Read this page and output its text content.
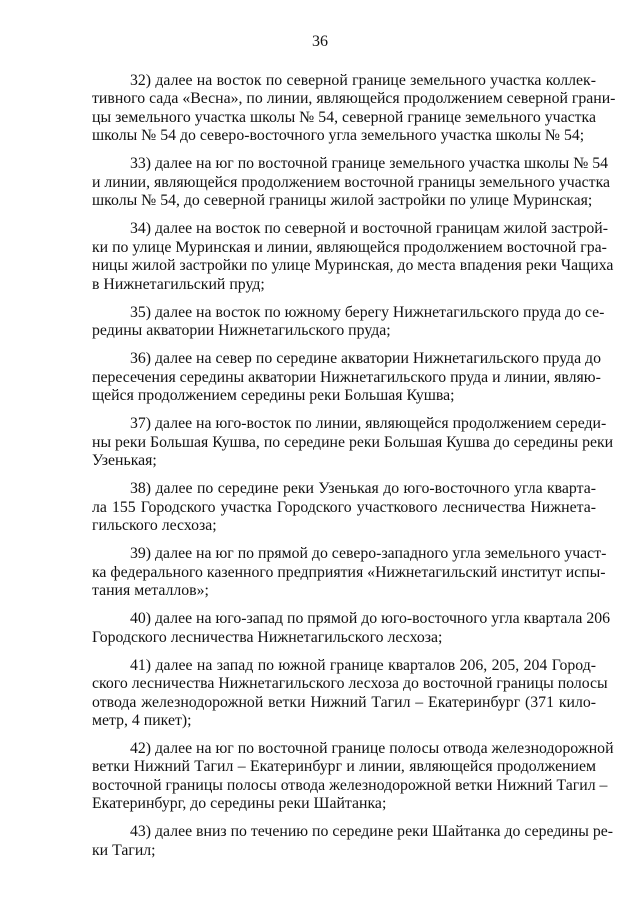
36
32) далее на восток по северной границе земельного участка коллек-
тивного сада «Весна», по линии, являющейся продолжением северной грани-
цы земельного участка школы № 54, северной границе земельного участка
школы № 54 до северо-восточного угла земельного участка школы № 54;
33) далее на юг по восточной границе земельного участка школы № 54
и линии, являющейся продолжением восточной границы земельного участка
школы № 54, до северной границы жилой застройки по улице Муринская;
34) далее на восток по северной и восточной границам жилой застрой-
ки по улице Муринская и линии, являющейся продолжением восточной гра-
ницы жилой застройки по улице Муринская, до места впадения реки Чащиха
в Нижнетагильский пруд;
35) далее на восток по южному берегу Нижнетагильского пруда до се-
редины акватории Нижнетагильского пруда;
36) далее на север по середине акватории Нижнетагильского пруда до
пересечения середины акватории Нижнетагильского пруда и линии, являю-
щейся продолжением середины реки Большая Кушва;
37) далее на юго-восток по линии, являющейся продолжением середи-
ны реки Большая Кушва, по середине реки Большая Кушва до середины реки
Узенькая;
38) далее по середине реки Узенькая до юго-восточного угла кварта-
ла 155 Городского участка Городского участкового лесничества Нижнета-
гильского лесхоза;
39) далее на юг по прямой до северо-западного угла земельного участ-
ка федерального казенного предприятия «Нижнетагильский институт испы-
тания металлов»;
40) далее на юго-запад по прямой до юго-восточного угла квартала 206
Городского лесничества Нижнетагильского лесхоза;
41) далее на запад по южной границе кварталов 206, 205, 204 Город-
ского лесничества Нижнетагильского лесхоза до восточной границы полосы
отвода железнодорожной ветки Нижний Тагил – Екатеринбург (371 кило-
метр, 4 пикет);
42) далее на юг по восточной границе полосы отвода железнодорожной
ветки Нижний Тагил – Екатеринбург и линии, являющейся продолжением
восточной границы полосы отвода железнодорожной ветки Нижний Тагил –
Екатеринбург, до середины реки Шайтанка;
43) далее вниз по течению по середине реки Шайтанка до середины ре-
ки Тагил;
